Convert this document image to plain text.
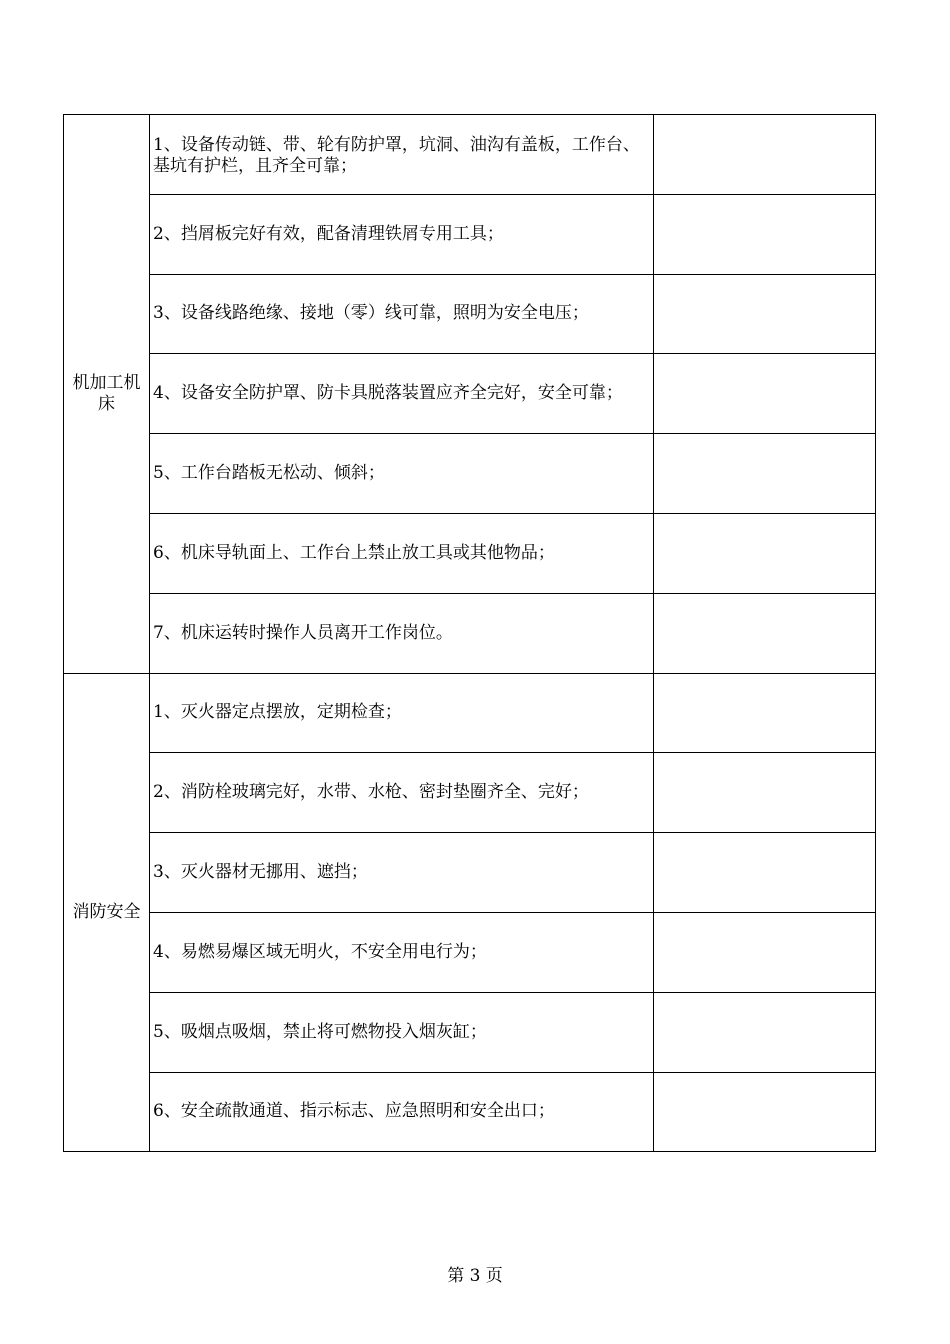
机加工机床	1、设备传动链、带、轮有防护罩，坑洞、油沟有盖板，工作台、基坑有护栏，且齐全可靠；	
	2、挡屑板完好有效，配备清理铁屑专用工具；	
	3、设备线路绝缘、接地（零）线可靠，照明为安全电压；	
	4、设备安全防护罩、防卡具脱落装置应齐全完好，安全可靠；	
	5、工作台踏板无松动、倾斜；	
	6、机床导轨面上、工作台上禁止放工具或其他物品；	
	7、机床运转时操作人员离开工作岗位。	
消防安全	1、灭火器定点摆放，定期检查；	
	2、消防栓玻璃完好，水带、水枪、密封垫圈齐全、完好；	
	3、灭火器材无挪用、遮挡；	
	4、易燃易爆区域无明火，不安全用电行为；	
	5、吸烟点吸烟，禁止将可燃物投入烟灰缸；	
	6、安全疏散通道、指示标志、应急照明和安全出口；	
第 3 页
